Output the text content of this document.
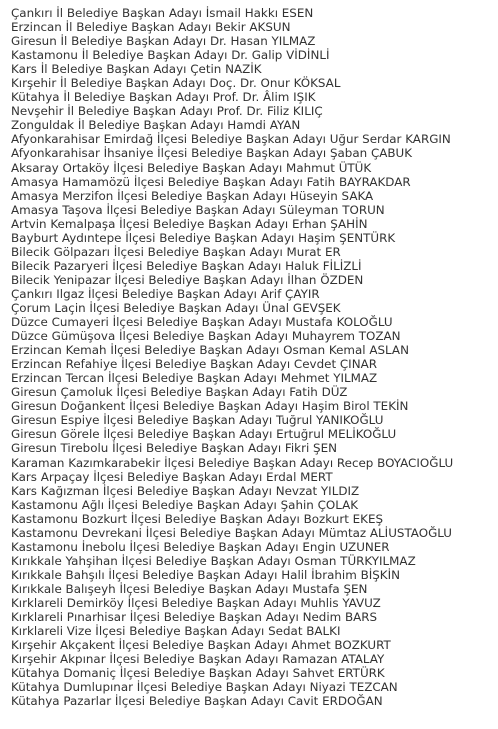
Çankırı İl Belediye Başkan Adayı İsmail Hakkı ESEN
Erzincan İl Belediye Başkan Adayı Bekir AKSUN
Giresun İl Belediye Başkan Adayı Dr. Hasan YILMAZ
Kastamonu İl Belediye Başkan Adayı Dr. Galip VİDİNLİ
Kars İl Belediye Başkan Adayı Çetin NAZİK
Kırşehir İl Belediye Başkan Adayı Doç. Dr. Onur KÖKSAL
Kütahya İl Belediye Başkan Adayı Prof. Dr. Âlim IŞIK
Nevşehir İl Belediye Başkan Adayı Prof. Dr. Filiz KILIÇ
Zonguldak İl Belediye Başkan Adayı Hamdi AYAN
Afyonkarahisar Emirdağ İlçesi Belediye Başkan Adayı Uğur Serdar KARGIN
Afyonkarahisar İhsaniye İlçesi Belediye Başkan Adayı Şaban ÇABUK
Aksaray Ortaköy İlçesi Belediye Başkan Adayı Mahmut ÜTÜK
Amasya Hamamözü İlçesi Belediye Başkan Adayı Fatih BAYRAKDAR
Amasya Merzifon İlçesi Belediye Başkan Adayı Hüseyin SAKA
Amasya Taşova İlçesi Belediye Başkan Adayı Süleyman TORUN
Artvin Kemalpaşa İlçesi Belediye Başkan Adayı Erhan ŞAHİN
Bayburt Aydıntepe İlçesi Belediye Başkan Adayı Haşim ŞENTÜRK
Bilecik Gölpazarı İlçesi Belediye Başkan Adayı Murat ER
Bilecik Pazaryeri İlçesi Belediye Başkan Adayı Haluk FİLİZLİ
Bilecik Yenipazar İlçesi Belediye Başkan Adayı İlhan ÖZDEN
Çankırı Ilgaz İlçesi Belediye Başkan Adayı Arif ÇAYIR
Çorum Laçin İlçesi Belediye Başkan Adayı Ünal GEVŞEK
Düzce Cumayeri İlçesi Belediye Başkan Adayı Mustafa KOLOĞLU
Düzce Gümüşova İlçesi Belediye Başkan Adayı Muhayrem TOZAN
Erzincan Kemah İlçesi Belediye Başkan Adayı Osman Kemal ASLAN
Erzincan Refahiye İlçesi Belediye Başkan Adayı Cevdet ÇINAR
Erzincan Tercan İlçesi Belediye Başkan Adayı Mehmet YILMAZ
Giresun Çamoluk İlçesi Belediye Başkan Adayı Fatih DÜZ
Giresun Doğankent İlçesi Belediye Başkan Adayı Haşim Birol TEKİN
Giresun Espiye İlçesi Belediye Başkan Adayı Tuğrul YANIKOĞLU
Giresun Görele İlçesi Belediye Başkan Adayı Ertuğrul MELİKOĞLU
Giresun Tirebolu İlçesi Belediye Başkan Adayı Fikri ŞEN
Karaman Kazımkarabekir İlçesi Belediye Başkan Adayı Recep BOYACIOĞLU
Kars Arpaçay İlçesi Belediye Başkan Adayı Erdal MERT
Kars Kağızman İlçesi Belediye Başkan Adayı Nevzat YILDIZ
Kastamonu Ağlı İlçesi Belediye Başkan Adayı Şahin ÇOLAK
Kastamonu Bozkurt İlçesi Belediye Başkan Adayı Bozkurt EKEŞ
Kastamonu Devrekani İlçesi Belediye Başkan Adayı Mümtaz ALİUSTAOĞLU
Kastamonu İnebolu İlçesi Belediye Başkan Adayı Engin UZUNER
Kırıkkale Yahşihan İlçesi Belediye Başkan Adayı Osman TÜRKYILMAZ
Kırıkkale Bahşılı İlçesi Belediye Başkan Adayı Halil İbrahim BİŞKİN
Kırıkkale Balışeyh İlçesi Belediye Başkan Adayı Mustafa ŞEN
Kırklareli Demirköy İlçesi Belediye Başkan Adayı Muhlis YAVUZ
Kırklareli Pınarhisar İlçesi Belediye Başkan Adayı Nedim BARS
Kırklareli Vize İlçesi Belediye Başkan Adayı Sedat BALKI
Kırşehir Akçakent İlçesi Belediye Başkan Adayı Ahmet BOZKURT
Kırşehir Akpınar İlçesi Belediye Başkan Adayı Ramazan ATALAY
Kütahya Domaniç İlçesi Belediye Başkan Adayı Sahvet ERTÜRK
Kütahya Dumlupınar İlçesi Belediye Başkan Adayı Niyazi TEZCAN
Kütahya Pazarlar İlçesi Belediye Başkan Adayı Cavit ERDOĞAN
